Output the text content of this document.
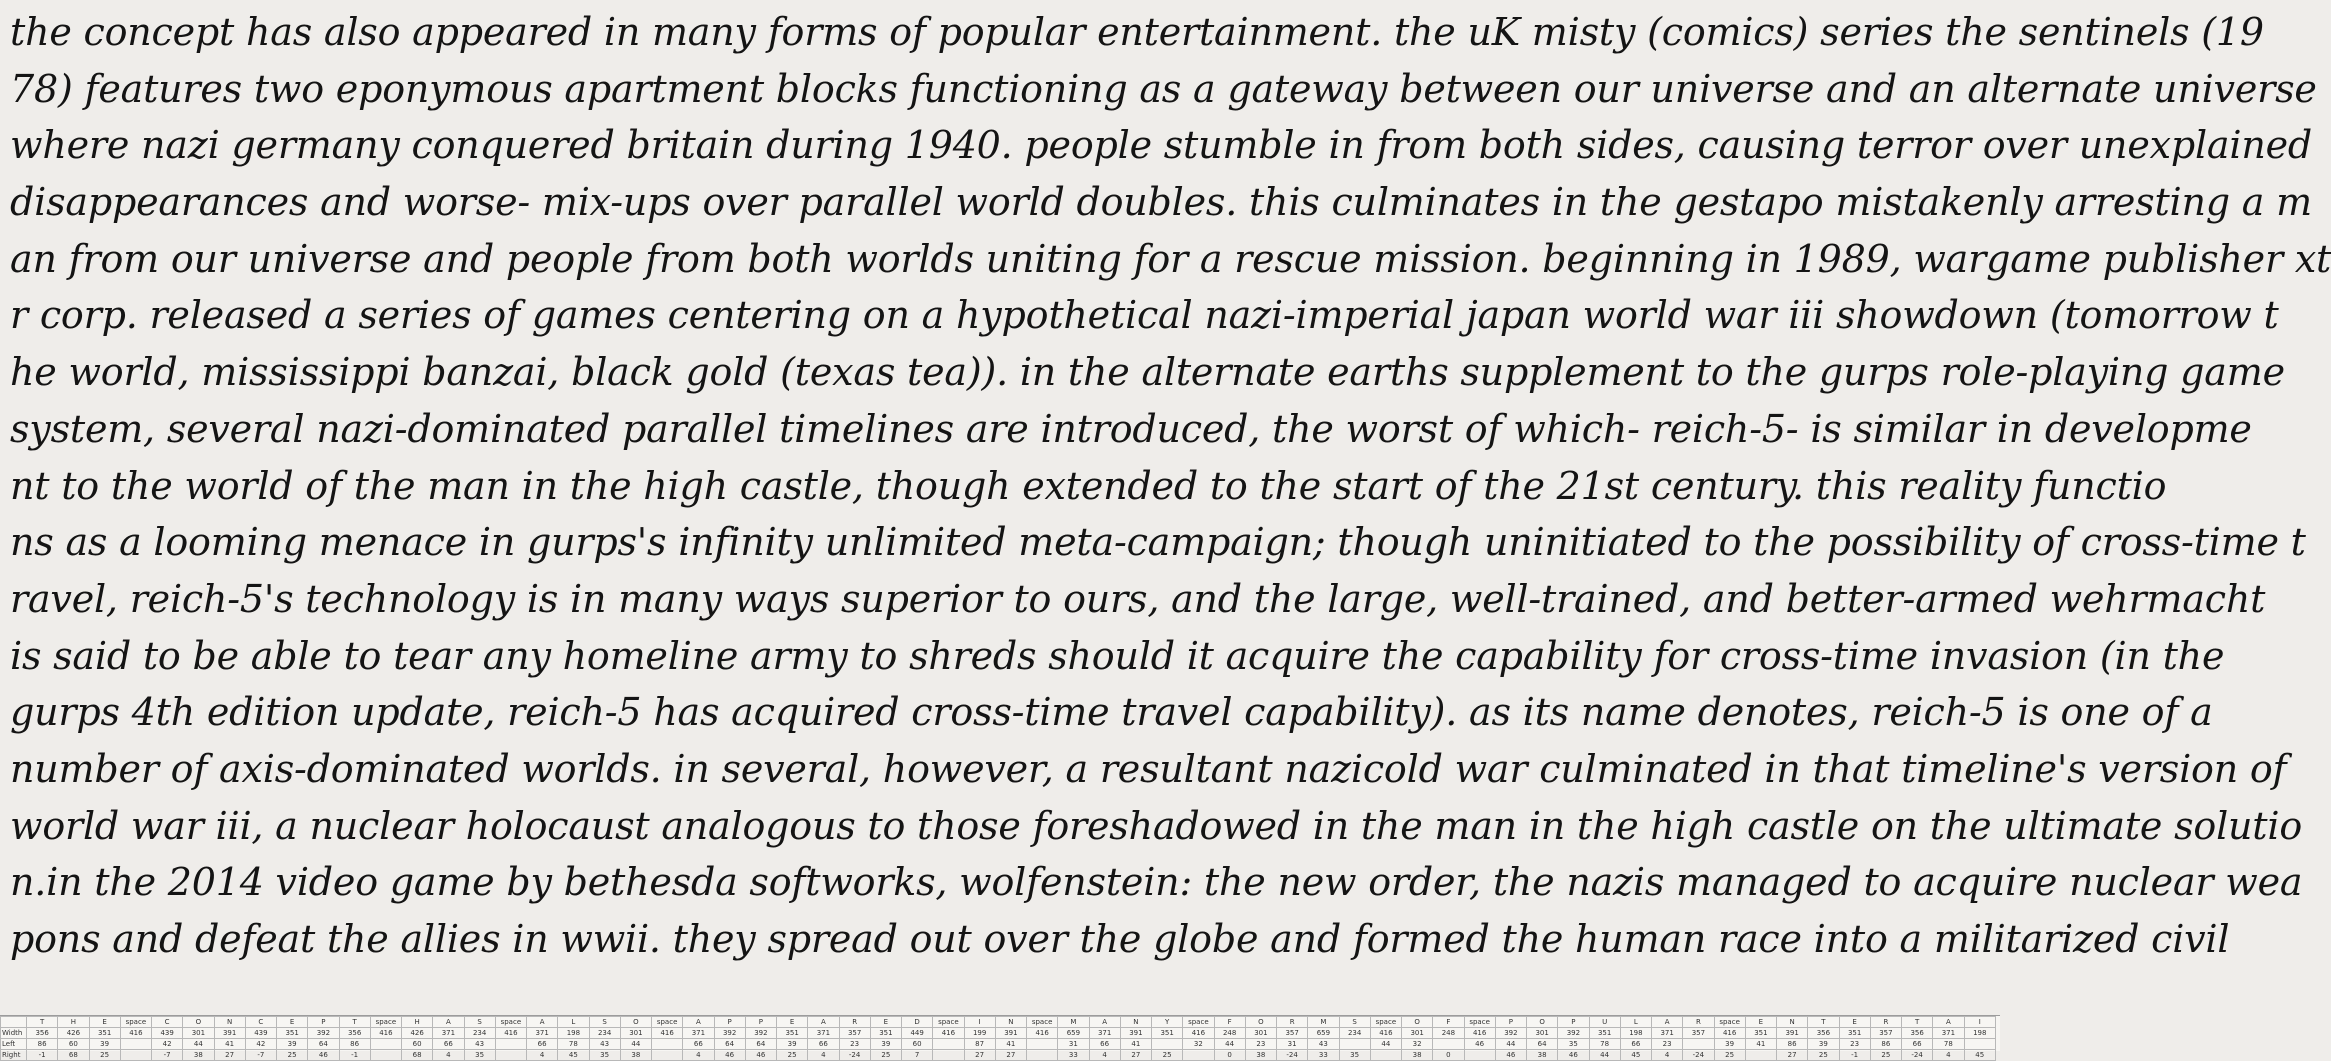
the concept has also appeared in many forms of popular entertainment. the uK misty (comics) series the sentinels (19
78) features two eponymous apartment blocks functioning as a gateway between our universe and an alternate universe
where nazi germany conquered britain during 1940. people stumble in from both sides, causing terror over unexplained
disappearances and worse- mix-ups over parallel world doubles. this culminates in the gestapo mistakenly arresting a m
an from our universe and people from both worlds uniting for a rescue mission. beginning in 1989, wargame publisher xt
r corp. released a series of games centering on a hypothetical nazi-imperial japan world war iii showdown (tomorrow t
he world, mississippi banzai, black gold (texas tea)). in the alternate earths supplement to the gurps role-playing game
system, several nazi-dominated parallel timelines are introduced, the worst of which- reich-5- is similar in developme
nt to the world of the man in the high castle, though extended to the start of the 21st century. this reality functio
ns as a looming menace in gurps's infinity unlimited meta-campaign; though uninitiated to the possibility of cross-time t
ravel, reich-5's technology is in many ways superior to ours, and the large, well-trained, and better-armed wehrmacht
is said to be able to tear any homeline army to shreds should it acquire the capability for cross-time invasion (in the
gurps 4th edition update, reich-5 has acquired cross-time travel capability). as its name denotes, reich-5 is one of a
number of axis-dominated worlds. in several, however, a resultant nazicold war culminated in that timeline's version of
world war iii, a nuclear holocaust analogous to those foreshadowed in the man in the high castle on the ultimate solutio
n.in the 2014 video game by bethesda softworks, wolfenstein: the new order, the nazis managed to acquire nuclear wea
pons and defeat the allies in wwii. they spread out over the globe and formed the human race into a militarized civil
	T	H	E	space	C	O	N	C	E	P	T	space	H	A	S	space	A	L	S	O	space	A	P	P	E	A	R	E	D	space	I	N	space	M	A	N	Y	space	F	O	R	M	S	space	O	F	space	P	O	P	U	L	A	R	space	E	N	T	E	R	T	A	I
Width	356	426	351	416	439	301	391	439	351	392	356	416	426	371	234	416	371	198	234	301	416	371	392	392	351	371	357	351	449	416	199	391	416	659	371	391	351	416	248	301	357	659	234	416	301	248	416	392	301	392	351	198	371	357	416	351	391	356	351	357	356	371	198
Left	86	60	39		42	44	41	42	39	64	86		60	66	43		66	78	43	44		66	64	64	39	66	23	39	60		87	41		31	66	41		32	44	23	31	43		44	32		46	44	64	35	78	66	23		39	41	86	39	23	86	66	78	
Right	-1	68	25		-7	38	27	-7	25	46	-1		68	4	35		4	45	35	38		4	46	46	25	4	-24	25	7		27	27		33	4	27	25		0	38	-24	33	35		38	0		46	38	46	44	45	4	-24	25		27	25	-1	25	-24	4	45
